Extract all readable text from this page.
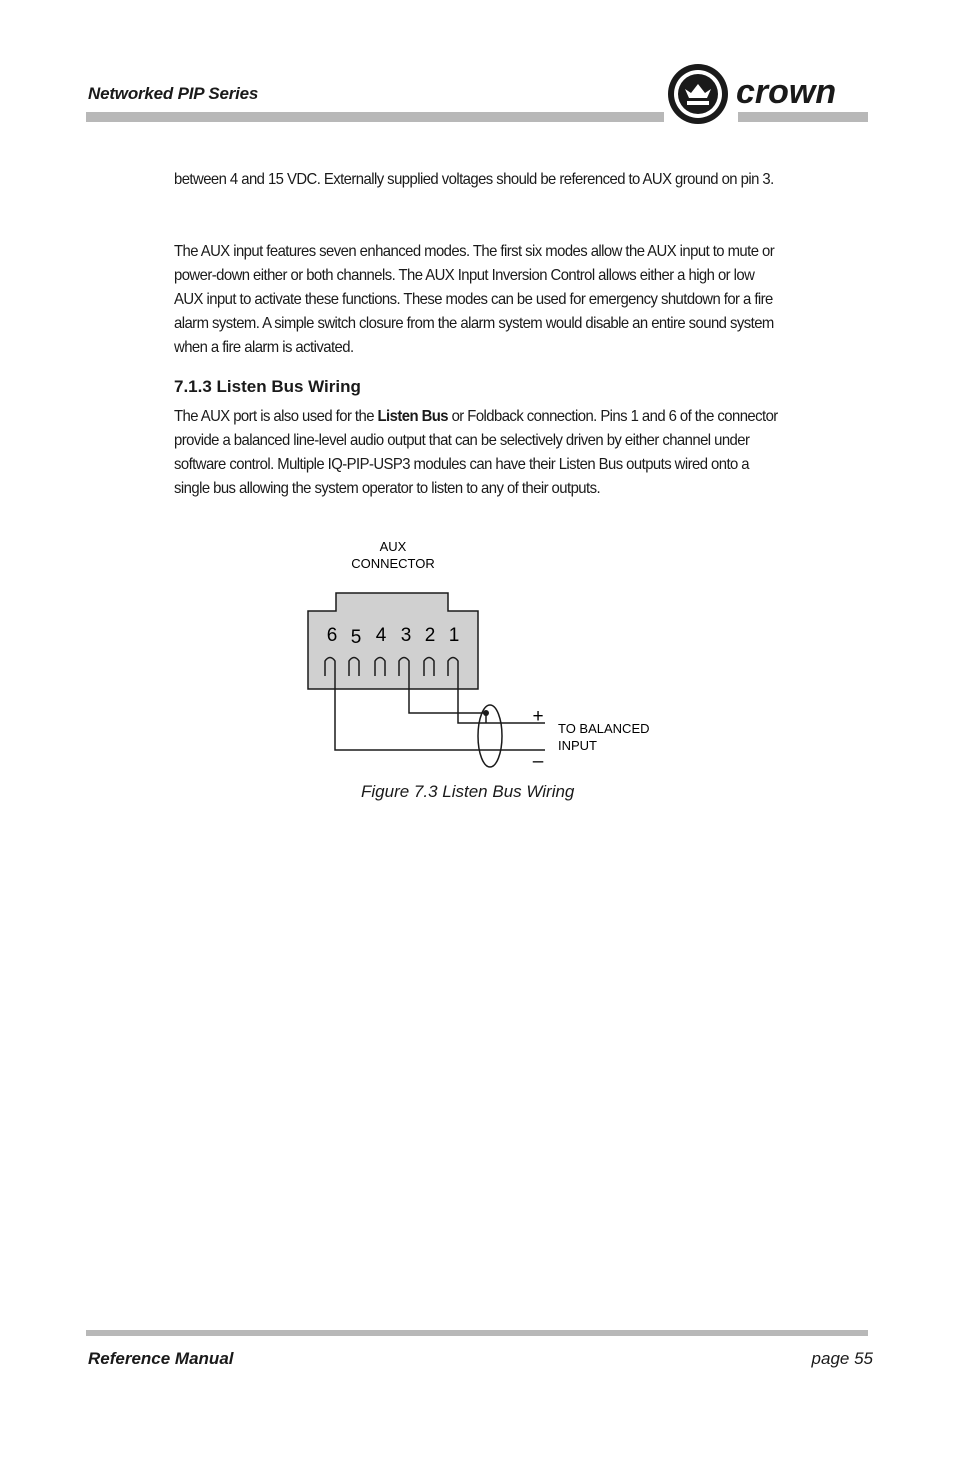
Networked PIP Series	crown

between 4 and 15 VDC. Externally supplied voltages should be referenced to AUX ground on pin 3.

The AUX input features seven enhanced modes. The first six modes allow the AUX input to mute or power-down either or both channels. The AUX Input Inversion Control allows either a high or low AUX input to activate these functions. These modes can be used for emergency shutdown for a fire alarm system. A simple switch closure from the alarm system would disable an entire sound system when a fire alarm is activated.

7.1.3 Listen Bus Wiring

The AUX port is also used for the Listen Bus or Foldback connection. Pins 1 and 6 of the connector provide a balanced line-level audio output that can be selectively driven by either channel under software control. Multiple IQ-PIP-USP3 modules can have their Listen Bus outputs wired onto a single bus allowing the system operator to listen to any of their outputs.

AUX
CONNECTOR
6 5 4 3 2 1
+
–
TO BALANCED
INPUT
Figure 7.3 Listen Bus Wiring
Reference Manual	page 55
